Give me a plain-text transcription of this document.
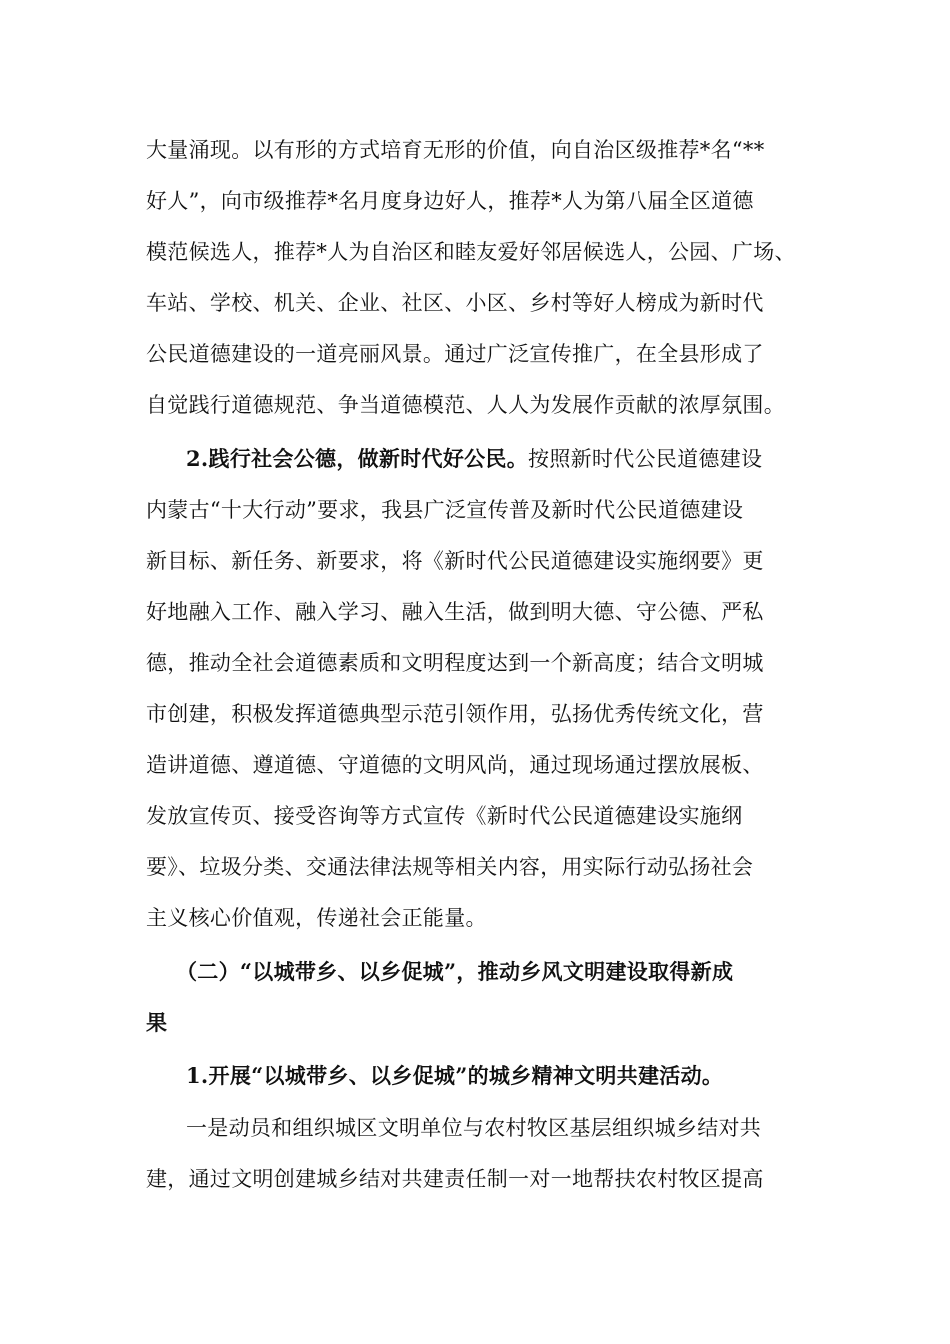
大量涌现。以有形的方式培育无形的价值，向自治区级推荐*名“**
好人”，向市级推荐*名月度身边好人，推荐*人为第八届全区道德
模范候选人，推荐*人为自治区和睦友爱好邻居候选人，公园、广场、
车站、学校、机关、企业、社区、小区、乡村等好人榜成为新时代
公民道德建设的一道亮丽风景。通过广泛宣传推广，在全县形成了
自觉践行道德规范、争当道德模范、人人为发展作贡献的浓厚氛围。
2.践行社会公德，做新时代好公民。按照新时代公民道德建设
内蒙古“十大行动”要求，我县广泛宣传普及新时代公民道德建设
新目标、新任务、新要求，将《新时代公民道德建设实施纲要》更
好地融入工作、融入学习、融入生活，做到明大德、守公德、严私
德，推动全社会道德素质和文明程度达到一个新高度；结合文明城
市创建，积极发挥道德典型示范引领作用，弘扬优秀传统文化，营
造讲道德、遵道德、守道德的文明风尚，通过现场通过摆放展板、
发放宣传页、接受咨询等方式宣传《新时代公民道德建设实施纲
要》、垃圾分类、交通法律法规等相关内容，用实际行动弘扬社会
主义核心价值观，传递社会正能量。
（二）“以城带乡、以乡促城”，推动乡风文明建设取得新成
果
1.开展“以城带乡、以乡促城”的城乡精神文明共建活动。
一是动员和组织城区文明单位与农村牧区基层组织城乡结对共
建，通过文明创建城乡结对共建责任制一对一地帮扶农村牧区提高
